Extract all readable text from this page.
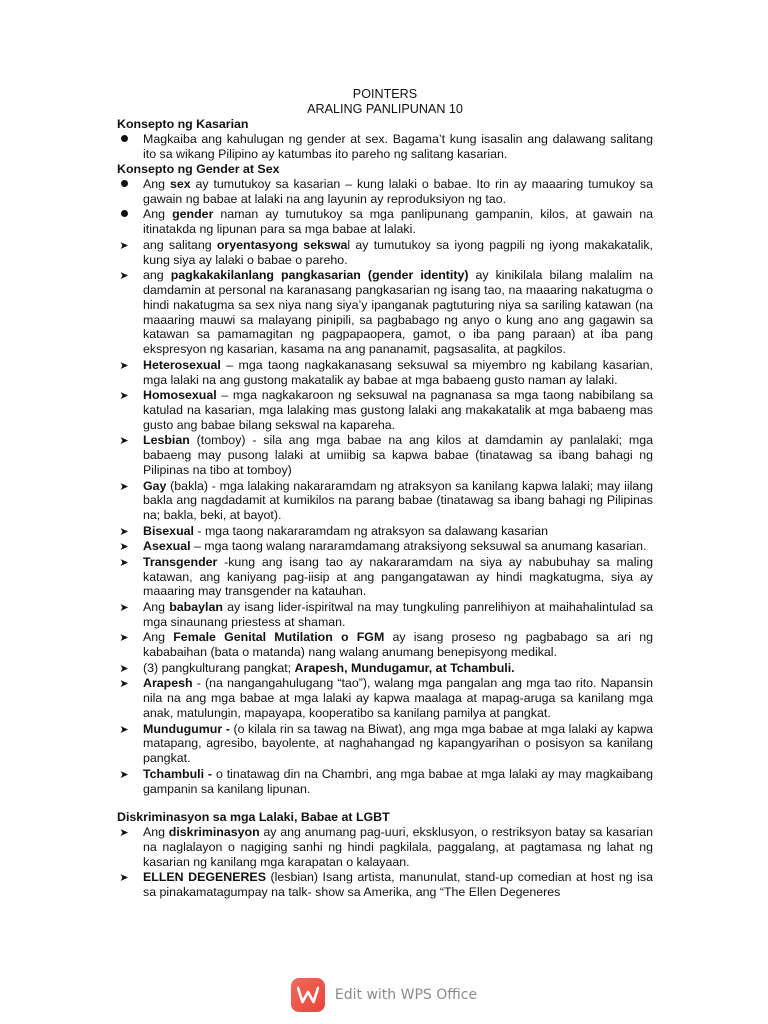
POINTERS
ARALING PANLIPUNAN 10
Konsepto ng Kasarian
Magkaiba ang kahulugan ng gender at sex. Bagama’t kung isasalin ang dalawang salitang ito sa wikang Pilipino ay katumbas ito pareho ng salitang kasarian.
Konsepto ng Gender at Sex
Ang sex ay tumutukoy sa kasarian – kung lalaki o babae. Ito rin ay maaaring tumukoy sa gawain ng babae at lalaki na ang layunin ay reproduksiyon ng tao.
Ang gender naman ay tumutukoy sa mga panlipunang gampanin, kilos, at gawain na itinatakda ng lipunan para sa mga babae at lalaki.
➤
ang salitang oryentasyong sekswal ay tumutukoy sa iyong pagpili ng iyong makakatalik, kung siya ay lalaki o babae o pareho.
➤
ang pagkakakilanlang pangkasarian (gender identity) ay kinikilala bilang malalim na damdamin at personal na karanasang pangkasarian ng isang tao, na maaaring nakatugma o hindi nakatugma sa sex niya nang siya’y ipanganak pagtuturing niya sa sariling katawan (na maaaring mauwi sa malayang pinipili, sa pagbabago ng anyo o kung ano ang gagawin sa katawan sa pamamagitan ng pagpapaopera, gamot, o iba pang paraan) at iba pang ekspresyon ng kasarian, kasama na ang pananamit, pagsasalita, at pagkilos.
➤
Heterosexual – mga taong nagkakanasang seksuwal sa miyembro ng kabilang kasarian, mga lalaki na ang gustong makatalik ay babae at mga babaeng gusto naman ay lalaki.
➤
Homosexual – mga nagkakaroon ng seksuwal na pagnanasa sa mga taong nabibilang sa katulad na kasarian, mga lalaking mas gustong lalaki ang makakatalik at mga babaeng mas gusto ang babae bilang sekswal na kapareha.
➤
Lesbian (tomboy) - sila ang mga babae na ang kilos at damdamin ay panlalaki; mga babaeng may pusong lalaki at umiibig sa kapwa babae (tinatawag sa ibang bahagi ng Pilipinas na tibo at tomboy)
➤
Gay (bakla) - mga lalaking nakararamdam ng atraksyon sa kanilang kapwa lalaki; may iilang bakla ang nagdadamit at kumikilos na parang babae (tinatawag sa ibang bahagi ng Pilipinas na; bakla, beki, at bayot).
➤
Bisexual - mga taong nakararamdam ng atraksyon sa dalawang kasarian
➤
Asexual – mga taong walang nararamdamang atraksiyong seksuwal sa anumang kasarian.
➤
Transgender -kung ang isang tao ay nakararamdam na siya ay nabubuhay sa maling katawan, ang kaniyang pag-iisip at ang pangangatawan ay hindi magkatugma, siya ay maaaring may transgender na katauhan.
➤
Ang babaylan ay isang lider-ispiritwal na may tungkuling panrelihiyon at maihahalintulad sa mga sinaunang priestess at shaman.
➤
Ang Female Genital Mutilation o FGM ay isang proseso ng pagbabago sa ari ng kababaihan (bata o matanda) nang walang anumang benepisyong medikal.
➤
(3) pangkulturang pangkat; Arapesh, Mundugamur, at Tchambuli.
➤
Arapesh - (na nangangahulugang “tao”), walang mga pangalan ang mga tao rito. Napansin nila na ang mga babae at mga lalaki ay kapwa maalaga at mapag-aruga sa kanilang mga anak, matulungin, mapayapa, kooperatibo sa kanilang pamilya at pangkat.
➤
Mundugumur - (o kilala rin sa tawag na Biwat), ang mga mga babae at mga lalaki ay kapwa matapang, agresibo, bayolente, at naghahangad ng kapangyarihan o posisyon sa kanilang pangkat.
➤
Tchambuli - o tinatawag din na Chambri, ang mga babae at mga lalaki ay may magkaibang gampanin sa kanilang lipunan.
Diskriminasyon sa mga Lalaki, Babae at LGBT
➤
Ang diskriminasyon ay ang anumang pag-uuri, eksklusyon, o restriksyon batay sa kasarian na naglalayon o nagiging sanhi ng hindi pagkilala, paggalang, at pagtamasa ng lahat ng kasarian ng kanilang mga karapatan o kalayaan.
➤
ELLEN DEGENERES (lesbian) Isang artista, manunulat, stand-up comedian at host ng isa sa pinakamatagumpay na talk- show sa Amerika, ang “The Ellen Degeneres
Edit with WPS Office
